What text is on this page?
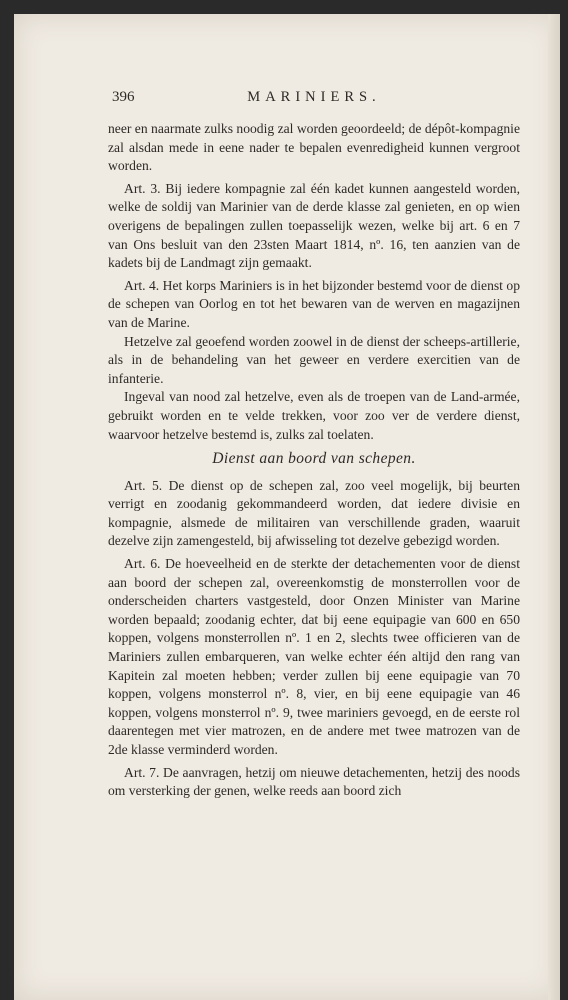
396	MARINIERS.

neer en naarmate zulks noodig zal worden geoordeeld; de dépôt-kompagnie zal alsdan mede in eene nader te bepalen evenredigheid kunnen vergroot worden.

Art. 3. Bij iedere kompagnie zal één kadet kunnen aangesteld worden, welke de soldij van Marinier van de derde klasse zal genieten, en op wien overigens de bepalingen zullen toepasselijk wezen, welke bij art. 6 en 7 van Ons besluit van den 23sten Maart 1814, nº. 16, ten aanzien van de kadets bij de Landmagt zijn gemaakt.

Art. 4. Het korps Mariniers is in het bijzonder bestemd voor de dienst op de schepen van Oorlog en tot het bewaren van de werven en magazijnen van de Marine.

Hetzelve zal geoefend worden zoowel in de dienst der scheeps-artillerie, als in de behandeling van het geweer en verdere exercitien van de infanterie.

Ingeval van nood zal hetzelve, even als de troepen van de Land-armée, gebruikt worden en te velde trekken, voor zoo ver de verdere dienst, waarvoor hetzelve bestemd is, zulks zal toelaten.

Dienst aan boord van schepen.

Art. 5. De dienst op de schepen zal, zoo veel mogelijk, bij beurten verrigt en zoodanig gekommandeerd worden, dat iedere divisie en kompagnie, alsmede de militairen van verschillende graden, waaruit dezelve zijn zamengesteld, bij afwisseling tot dezelve gebezigd worden.

Art. 6. De hoeveelheid en de sterkte der detachementen voor de dienst aan boord der schepen zal, overeenkomstig de monsterrollen voor de onderscheiden charters vastgesteld, door Onzen Minister van Marine worden bepaald; zoodanig echter, dat bij eene equipagie van 600 en 650 koppen, volgens monsterrollen nº. 1 en 2, slechts twee officieren van de Mariniers zullen embarqueren, van welke echter één altijd den rang van Kapitein zal moeten hebben; verder zullen bij eene equipagie van 70 koppen, volgens monsterrol nº. 8, vier, en bij eene equipagie van 46 koppen, volgens monsterrol nº. 9, twee mariniers gevoegd, en de eerste rol daarentegen met vier matrozen, en de andere met twee matrozen van de 2de klasse verminderd worden.

Art. 7. De aanvragen, hetzij om nieuwe detachementen, hetzij des noods om versterking der genen, welke reeds aan boord zich
